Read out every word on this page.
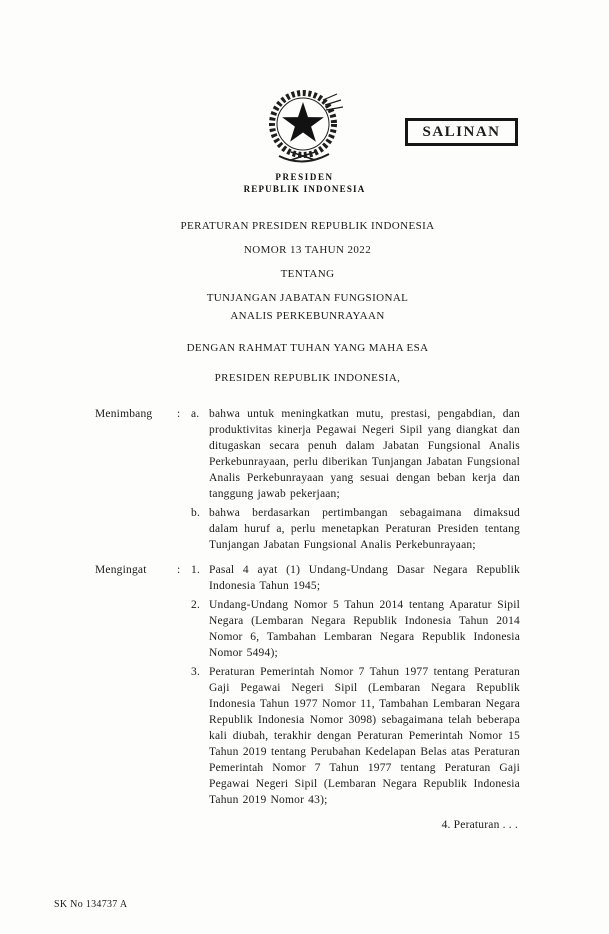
SALINAN
PRESIDEN
REPUBLIK INDONESIA
PERATURAN PRESIDEN REPUBLIK INDONESIA
NOMOR 13 TAHUN 2022
TENTANG
TUNJANGAN JABATAN FUNGSIONAL
ANALIS PERKEBUNRAYAAN
DENGAN RAHMAT TUHAN YANG MAHA ESA
PRESIDEN REPUBLIK INDONESIA,
Menimbang	: a. bahwa untuk meningkatkan mutu, prestasi, pengabdian, dan produktivitas kinerja Pegawai Negeri Sipil yang diangkat dan ditugaskan secara penuh dalam Jabatan Fungsional Analis Perkebunrayaan, perlu diberikan Tunjangan Jabatan Fungsional Analis Perkebunrayaan yang sesuai dengan beban kerja dan tanggung jawab pekerjaan;
b. bahwa berdasarkan pertimbangan sebagaimana dimaksud dalam huruf a, perlu menetapkan Peraturan Presiden tentang Tunjangan Jabatan Fungsional Analis Perkebunrayaan;
Mengingat	: 1. Pasal 4 ayat (1) Undang-Undang Dasar Negara Republik Indonesia Tahun 1945;
2. Undang-Undang Nomor 5 Tahun 2014 tentang Aparatur Sipil Negara (Lembaran Negara Republik Indonesia Tahun 2014 Nomor 6, Tambahan Lembaran Negara Republik Indonesia Nomor 5494);
3. Peraturan Pemerintah Nomor 7 Tahun 1977 tentang Peraturan Gaji Pegawai Negeri Sipil (Lembaran Negara Republik Indonesia Tahun 1977 Nomor 11, Tambahan Lembaran Negara Republik Indonesia Nomor 3098) sebagaimana telah beberapa kali diubah, terakhir dengan Peraturan Pemerintah Nomor 15 Tahun 2019 tentang Perubahan Kedelapan Belas atas Peraturan Pemerintah Nomor 7 Tahun 1977 tentang Peraturan Gaji Pegawai Negeri Sipil (Lembaran Negara Republik Indonesia Tahun 2019 Nomor 43);
4. Peraturan . . .
SK No 134737 A
